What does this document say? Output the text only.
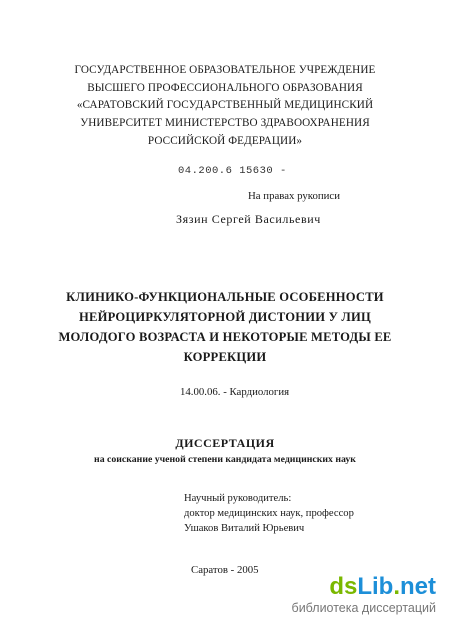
ГОСУДАРСТВЕННОЕ ОБРАЗОВАТЕЛЬНОЕ УЧРЕЖДЕНИЕ
ВЫСШЕГО ПРОФЕССИОНАЛЬНОГО ОБРАЗОВАНИЯ
«САРАТОВСКИЙ ГОСУДАРСТВЕННЫЙ МЕДИЦИНСКИЙ
УНИВЕРСИТЕТ МИНИСТЕРСТВО ЗДРАВООХРАНЕНИЯ
РОССИЙСКОЙ ФЕДЕРАЦИИ»
04.200.6 15630 -
На правах рукописи
Зязин Сергей Васильевич
КЛИНИКО-ФУНКЦИОНАЛЬНЫЕ ОСОБЕННОСТИ
НЕЙРОЦИРКУЛЯТОРНОЙ ДИСТОНИИ У ЛИЦ
МОЛОДОГО ВОЗРАСТА И НЕКОТОРЫЕ МЕТОДЫ ЕЕ
КОРРЕКЦИИ
14.00.06. - Кардиология
ДИССЕРТАЦИЯ
на соискание ученой степени кандидата медицинских наук
Научный руководитель:
доктор медицинских наук, профессор
Ушаков Виталий Юрьевич
Саратов - 2005
dsLib.net
библиотека диссертаций
